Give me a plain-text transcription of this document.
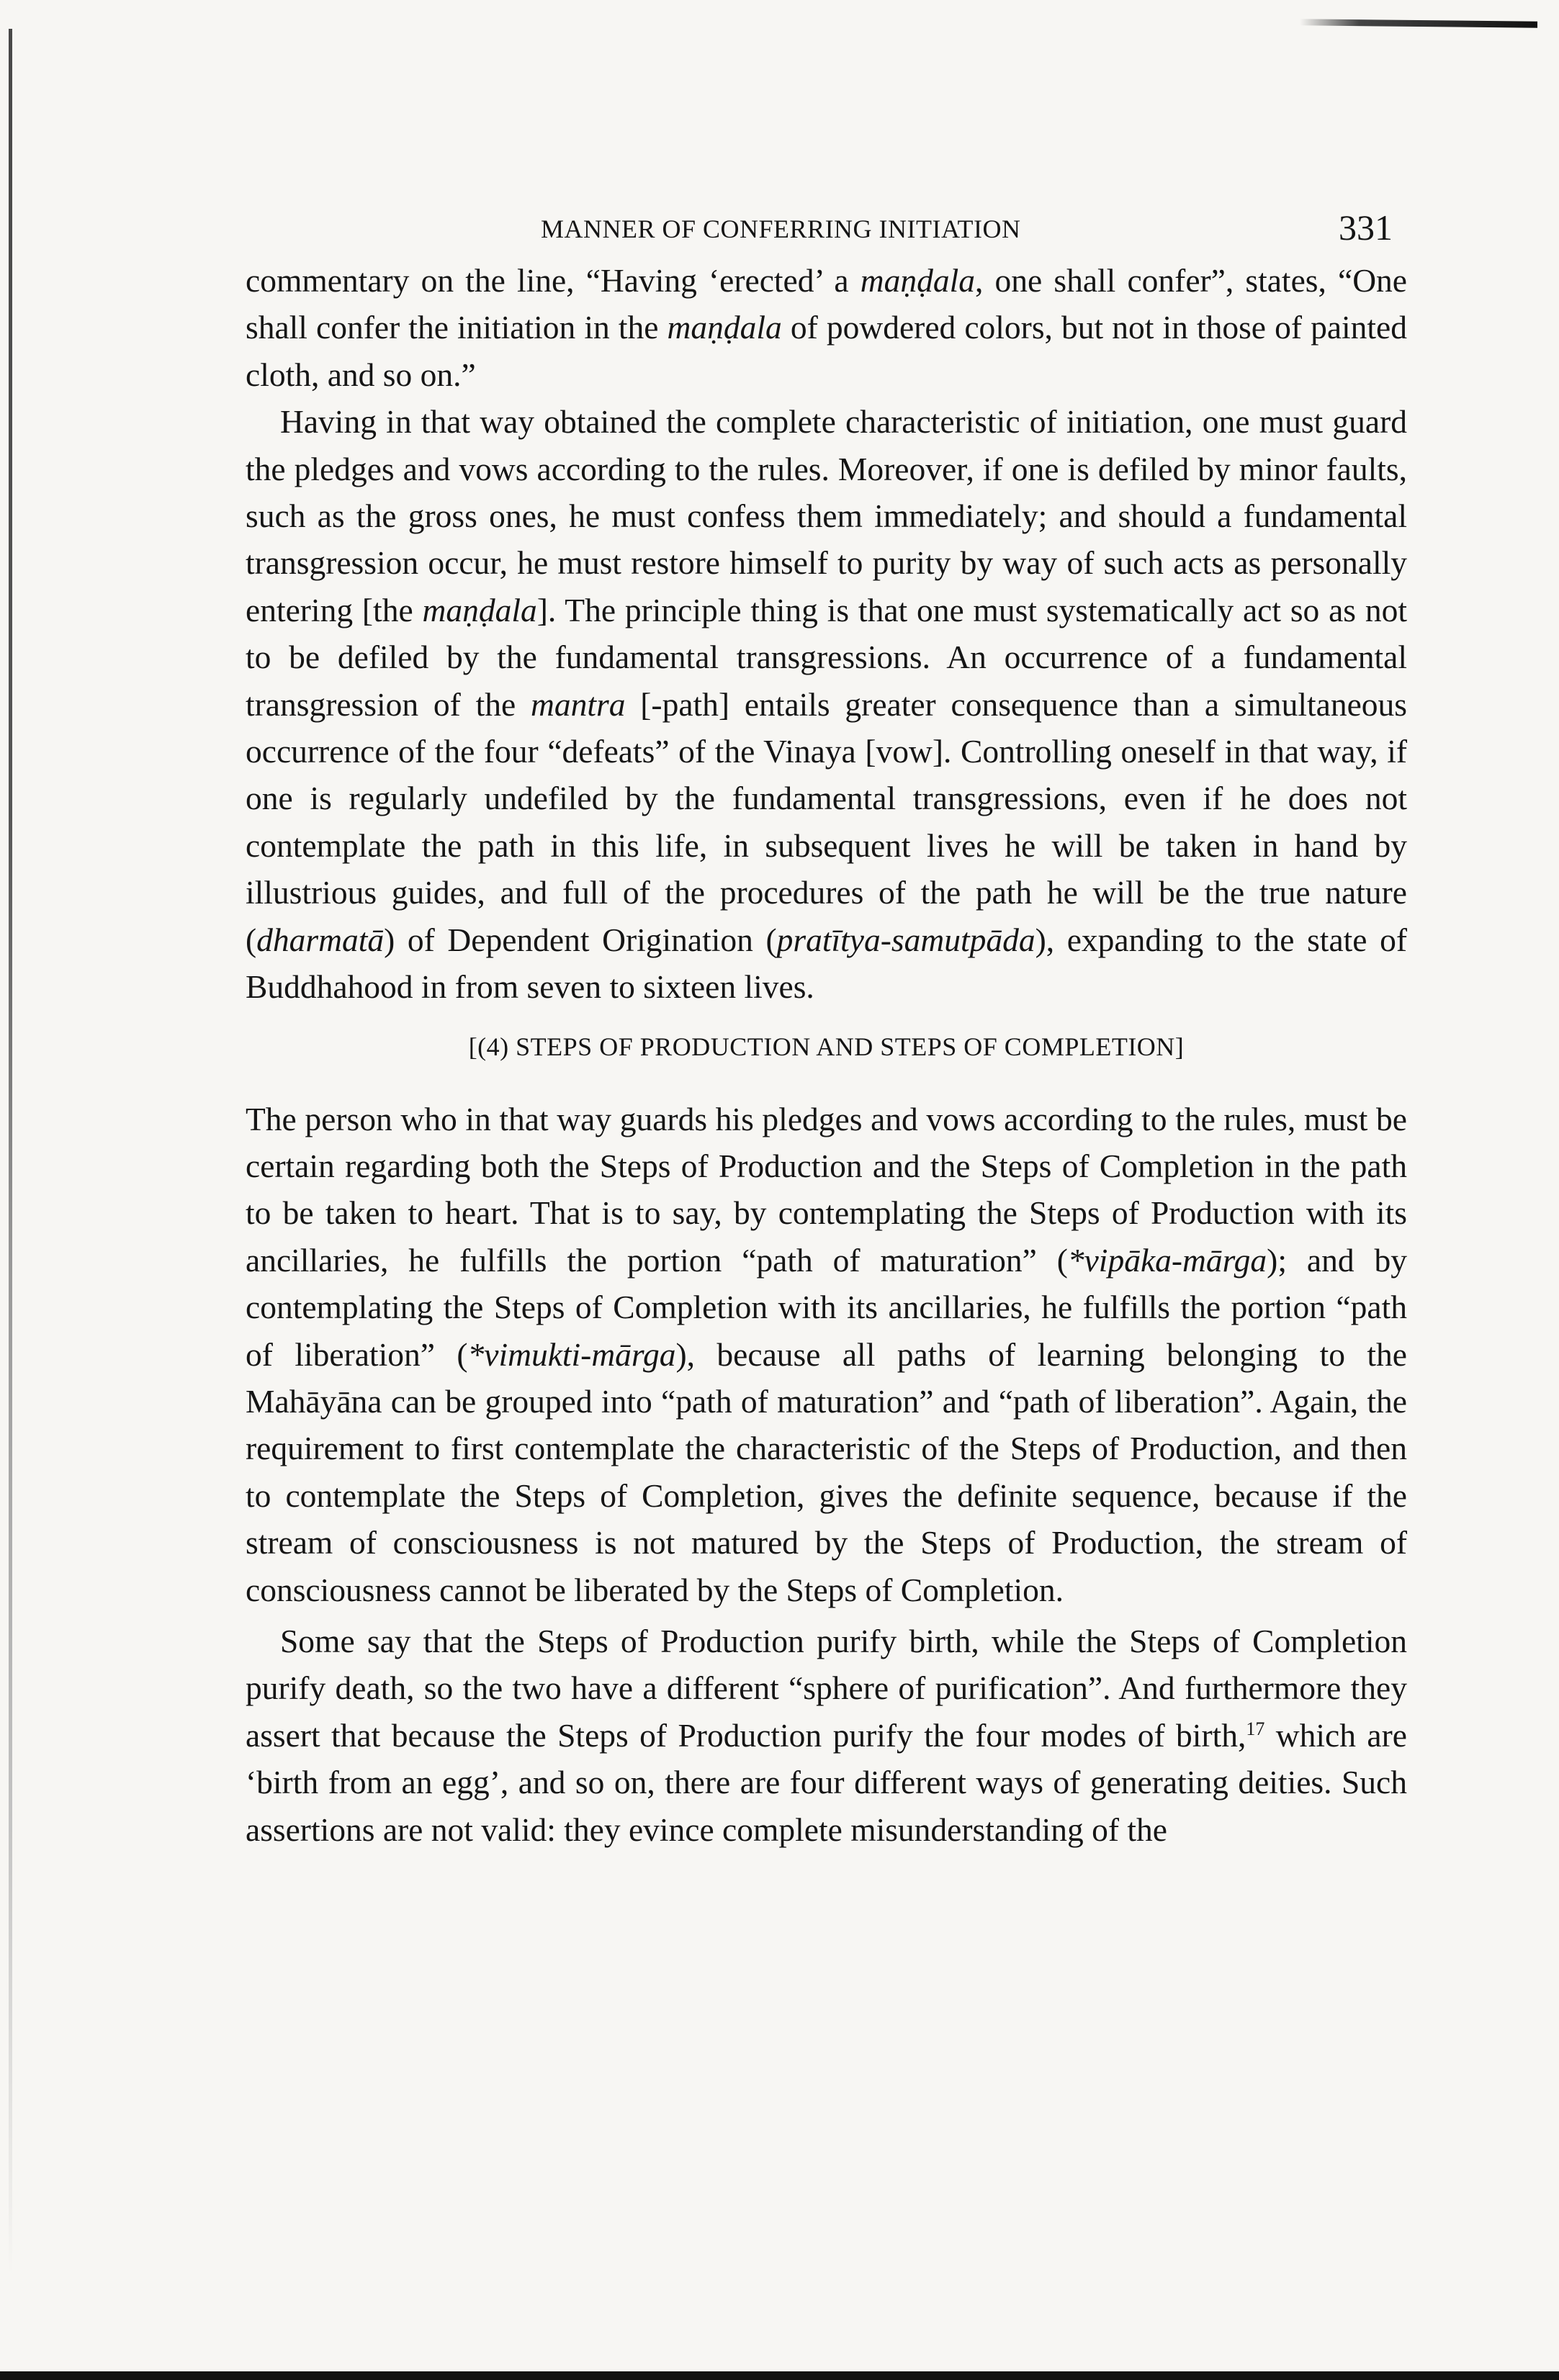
MANNER OF CONFERRING INITIATION	331

commentary on the line, “Having ‘erected’ a maṇḍala, one shall confer”, states, “One shall confer the initiation in the maṇḍala of powdered colors, but not in those of painted cloth, and so on.”

Having in that way obtained the complete characteristic of initiation, one must guard the pledges and vows according to the rules. Moreover, if one is defiled by minor faults, such as the gross ones, he must confess them immediately; and should a fundamental transgression occur, he must restore himself to purity by way of such acts as personally entering [the maṇḍala]. The principle thing is that one must systematically act so as not to be defiled by the fundamental transgressions. An occurrence of a fundamental transgression of the mantra [-path] entails greater consequence than a simultaneous occurrence of the four “defeats” of the Vinaya [vow]. Controlling oneself in that way, if one is regularly undefiled by the fundamental transgressions, even if he does not contemplate the path in this life, in subsequent lives he will be taken in hand by illustrious guides, and full of the procedures of the path he will be the true nature (dharmatā) of Dependent Origination (pratītya-samutpāda), expanding to the state of Buddhahood in from seven to sixteen lives.

[(4) STEPS OF PRODUCTION AND STEPS OF COMPLETION]

The person who in that way guards his pledges and vows according to the rules, must be certain regarding both the Steps of Production and the Steps of Completion in the path to be taken to heart. That is to say, by contemplating the Steps of Production with its ancillaries, he fulfills the portion “path of maturation” (*vipāka-mārga); and by contemplating the Steps of Completion with its ancillaries, he fulfills the portion “path of liberation” (*vimukti-mārga), because all paths of learning belonging to the Mahāyāna can be grouped into “path of maturation” and “path of liberation”. Again, the requirement to first contemplate the characteristic of the Steps of Production, and then to contemplate the Steps of Completion, gives the definite sequence, because if the stream of consciousness is not matured by the Steps of Production, the stream of consciousness cannot be liberated by the Steps of Completion.

Some say that the Steps of Production purify birth, while the Steps of Completion purify death, so the two have a different “sphere of purification”. And furthermore they assert that because the Steps of Production purify the four modes of birth,$^{17}$ which are ‘birth from an egg’, and so on, there are four different ways of generating deities. Such assertions are not valid: they evince complete misunderstanding of the
